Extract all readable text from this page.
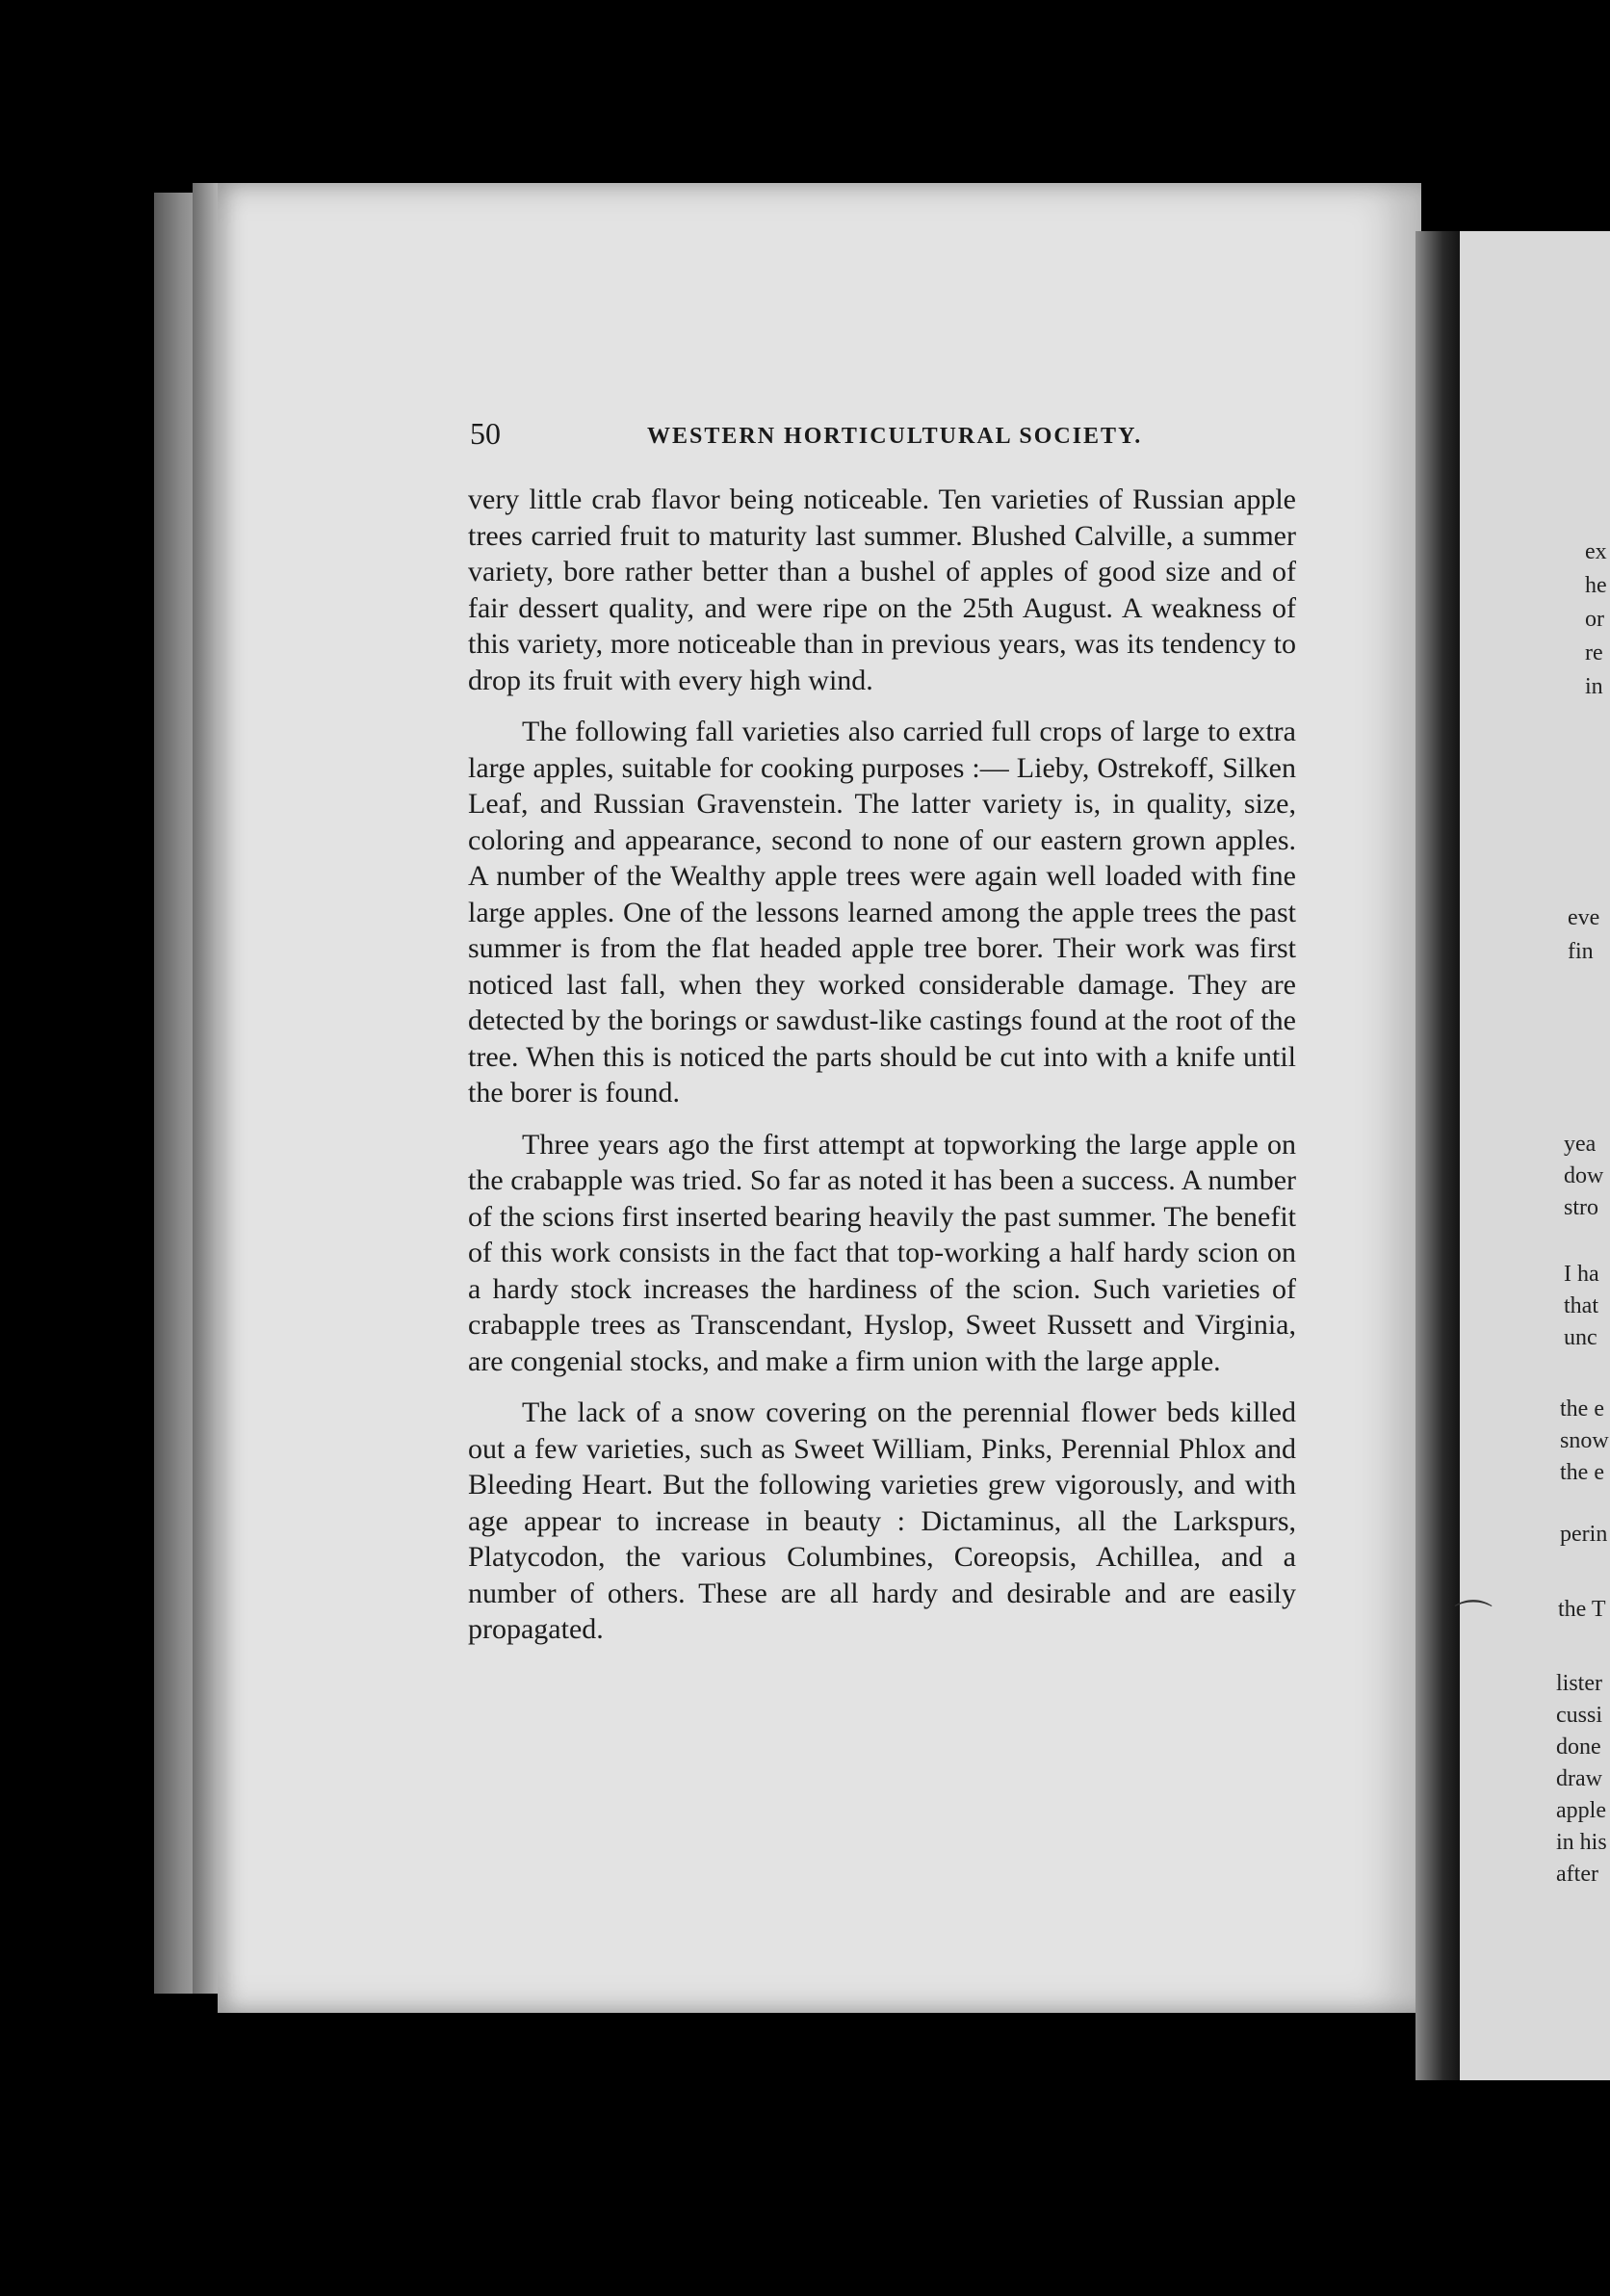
50	WESTERN HORTICULTURAL SOCIETY.

very little crab flavor being noticeable. Ten varieties of Russian apple trees carried fruit to maturity last summer. Blushed Calville, a summer variety, bore rather better than a bushel of apples of good size and of fair dessert quality, and were ripe on the 25th August. A weakness of this variety, more noticeable than in previous years, was its tendency to drop its fruit with every high wind.

The following fall varieties also carried full crops of large to extra large apples, suitable for cooking purposes :— Lieby, Ostrekoff, Silken Leaf, and Russian Gravenstein. The latter variety is, in quality, size, coloring and appearance, second to none of our eastern grown apples. A number of the Wealthy apple trees were again well loaded with fine large apples. One of the lessons learned among the apple trees the past summer is from the flat headed apple tree borer. Their work was first noticed last fall, when they worked considerable damage. They are detected by the borings or sawdust-like castings found at the root of the tree. When this is noticed the parts should be cut into with a knife until the borer is found.

Three years ago the first attempt at topworking the large apple on the crabapple was tried. So far as noted it has been a success. A number of the scions first inserted bearing heavily the past summer. The benefit of this work consists in the fact that top-working a half hardy scion on a hardy stock increases the hardiness of the scion. Such varieties of crabapple trees as Transcendant, Hyslop, Sweet Russett and Virginia, are congenial stocks, and make a firm union with the large apple.

The lack of a snow covering on the perennial flower beds killed out a few varieties, such as Sweet William, Pinks, Perennial Phlox and Bleeding Heart. But the following varieties grew vigorously, and with age appear to increase in beauty : Dictaminus, all the Larkspurs, Platycodon, the various Columbines, Coreopsis, Achillea, and a number of others. These are all hardy and desirable and are easily propagated.

ex
he
or
re
in
eve
fin
yea
dow
stro
I ha
that
unc
the e
snow
the e
perin
the T
lister
cussi
done
draw
apple
in his
after
⌒
